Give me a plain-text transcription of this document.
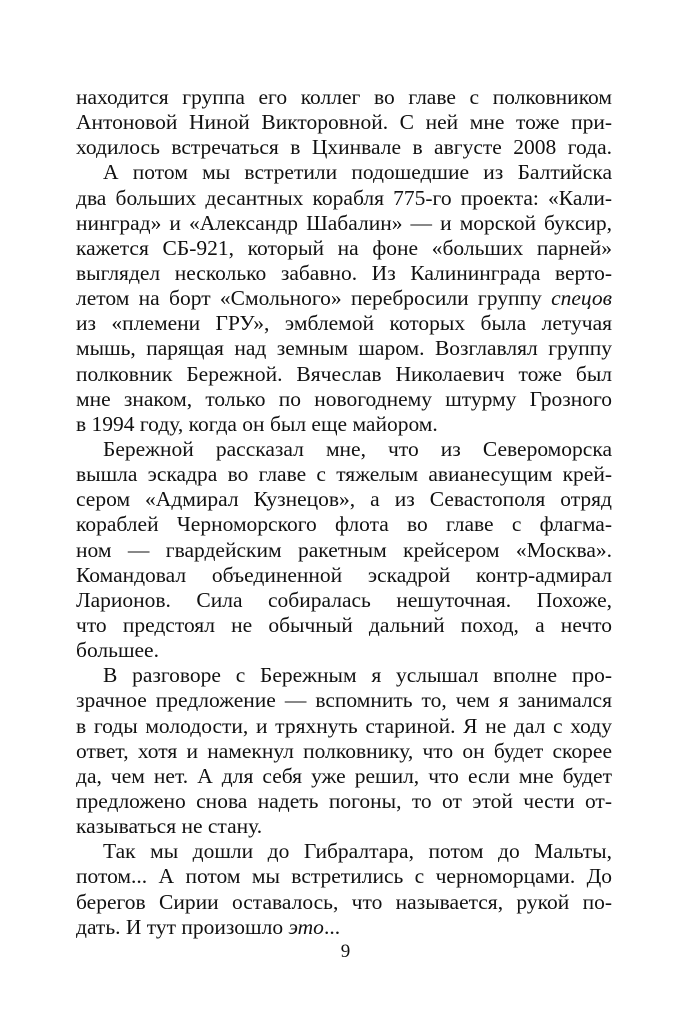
находится группа его коллег во главе с полковником
Антоновой Ниной Викторовной. С ней мне тоже при-
ходилось встречаться в Цхинвале в августе 2008 года.
А потом мы встретили подошедшие из Балтийска
два больших десантных корабля 775-го проекта: «Кали-
нинград» и «Александр Шабалин» — и морской буксир,
кажется СБ-921, который на фоне «больших парней»
выглядел несколько забавно. Из Калининграда верто-
летом на борт «Смольного» перебросили группу спецов
из «племени ГРУ», эмблемой которых была летучая
мышь, парящая над земным шаром. Возглавлял группу
полковник Бережной. Вячеслав Николаевич тоже был
мне знаком, только по новогоднему штурму Грозного
в 1994 году, когда он был еще майором.
Бережной рассказал мне, что из Североморска
вышла эскадра во главе с тяжелым авианесущим крей-
сером «Адмирал Кузнецов», а из Севастополя отряд
кораблей Черноморского флота во главе с флагма-
ном — гвардейским ракетным крейсером «Москва».
Командовал объединенной эскадрой контр-адмирал
Ларионов. Сила собиралась нешуточная. Похоже,
что предстоял не обычный дальний поход, а нечто
большее.
В разговоре с Бережным я услышал вполне про-
зрачное предложение — вспомнить то, чем я занимался
в годы молодости, и тряхнуть стариной. Я не дал с ходу
ответ, хотя и намекнул полковнику, что он будет скорее
да, чем нет. А для себя уже решил, что если мне будет
предложено снова надеть погоны, то от этой чести от-
казываться не стану.
Так мы дошли до Гибралтара, потом до Мальты,
потом... А потом мы встретились с черноморцами. До
берегов Сирии оставалось, что называется, рукой по-
дать. И тут произошло это...
9
